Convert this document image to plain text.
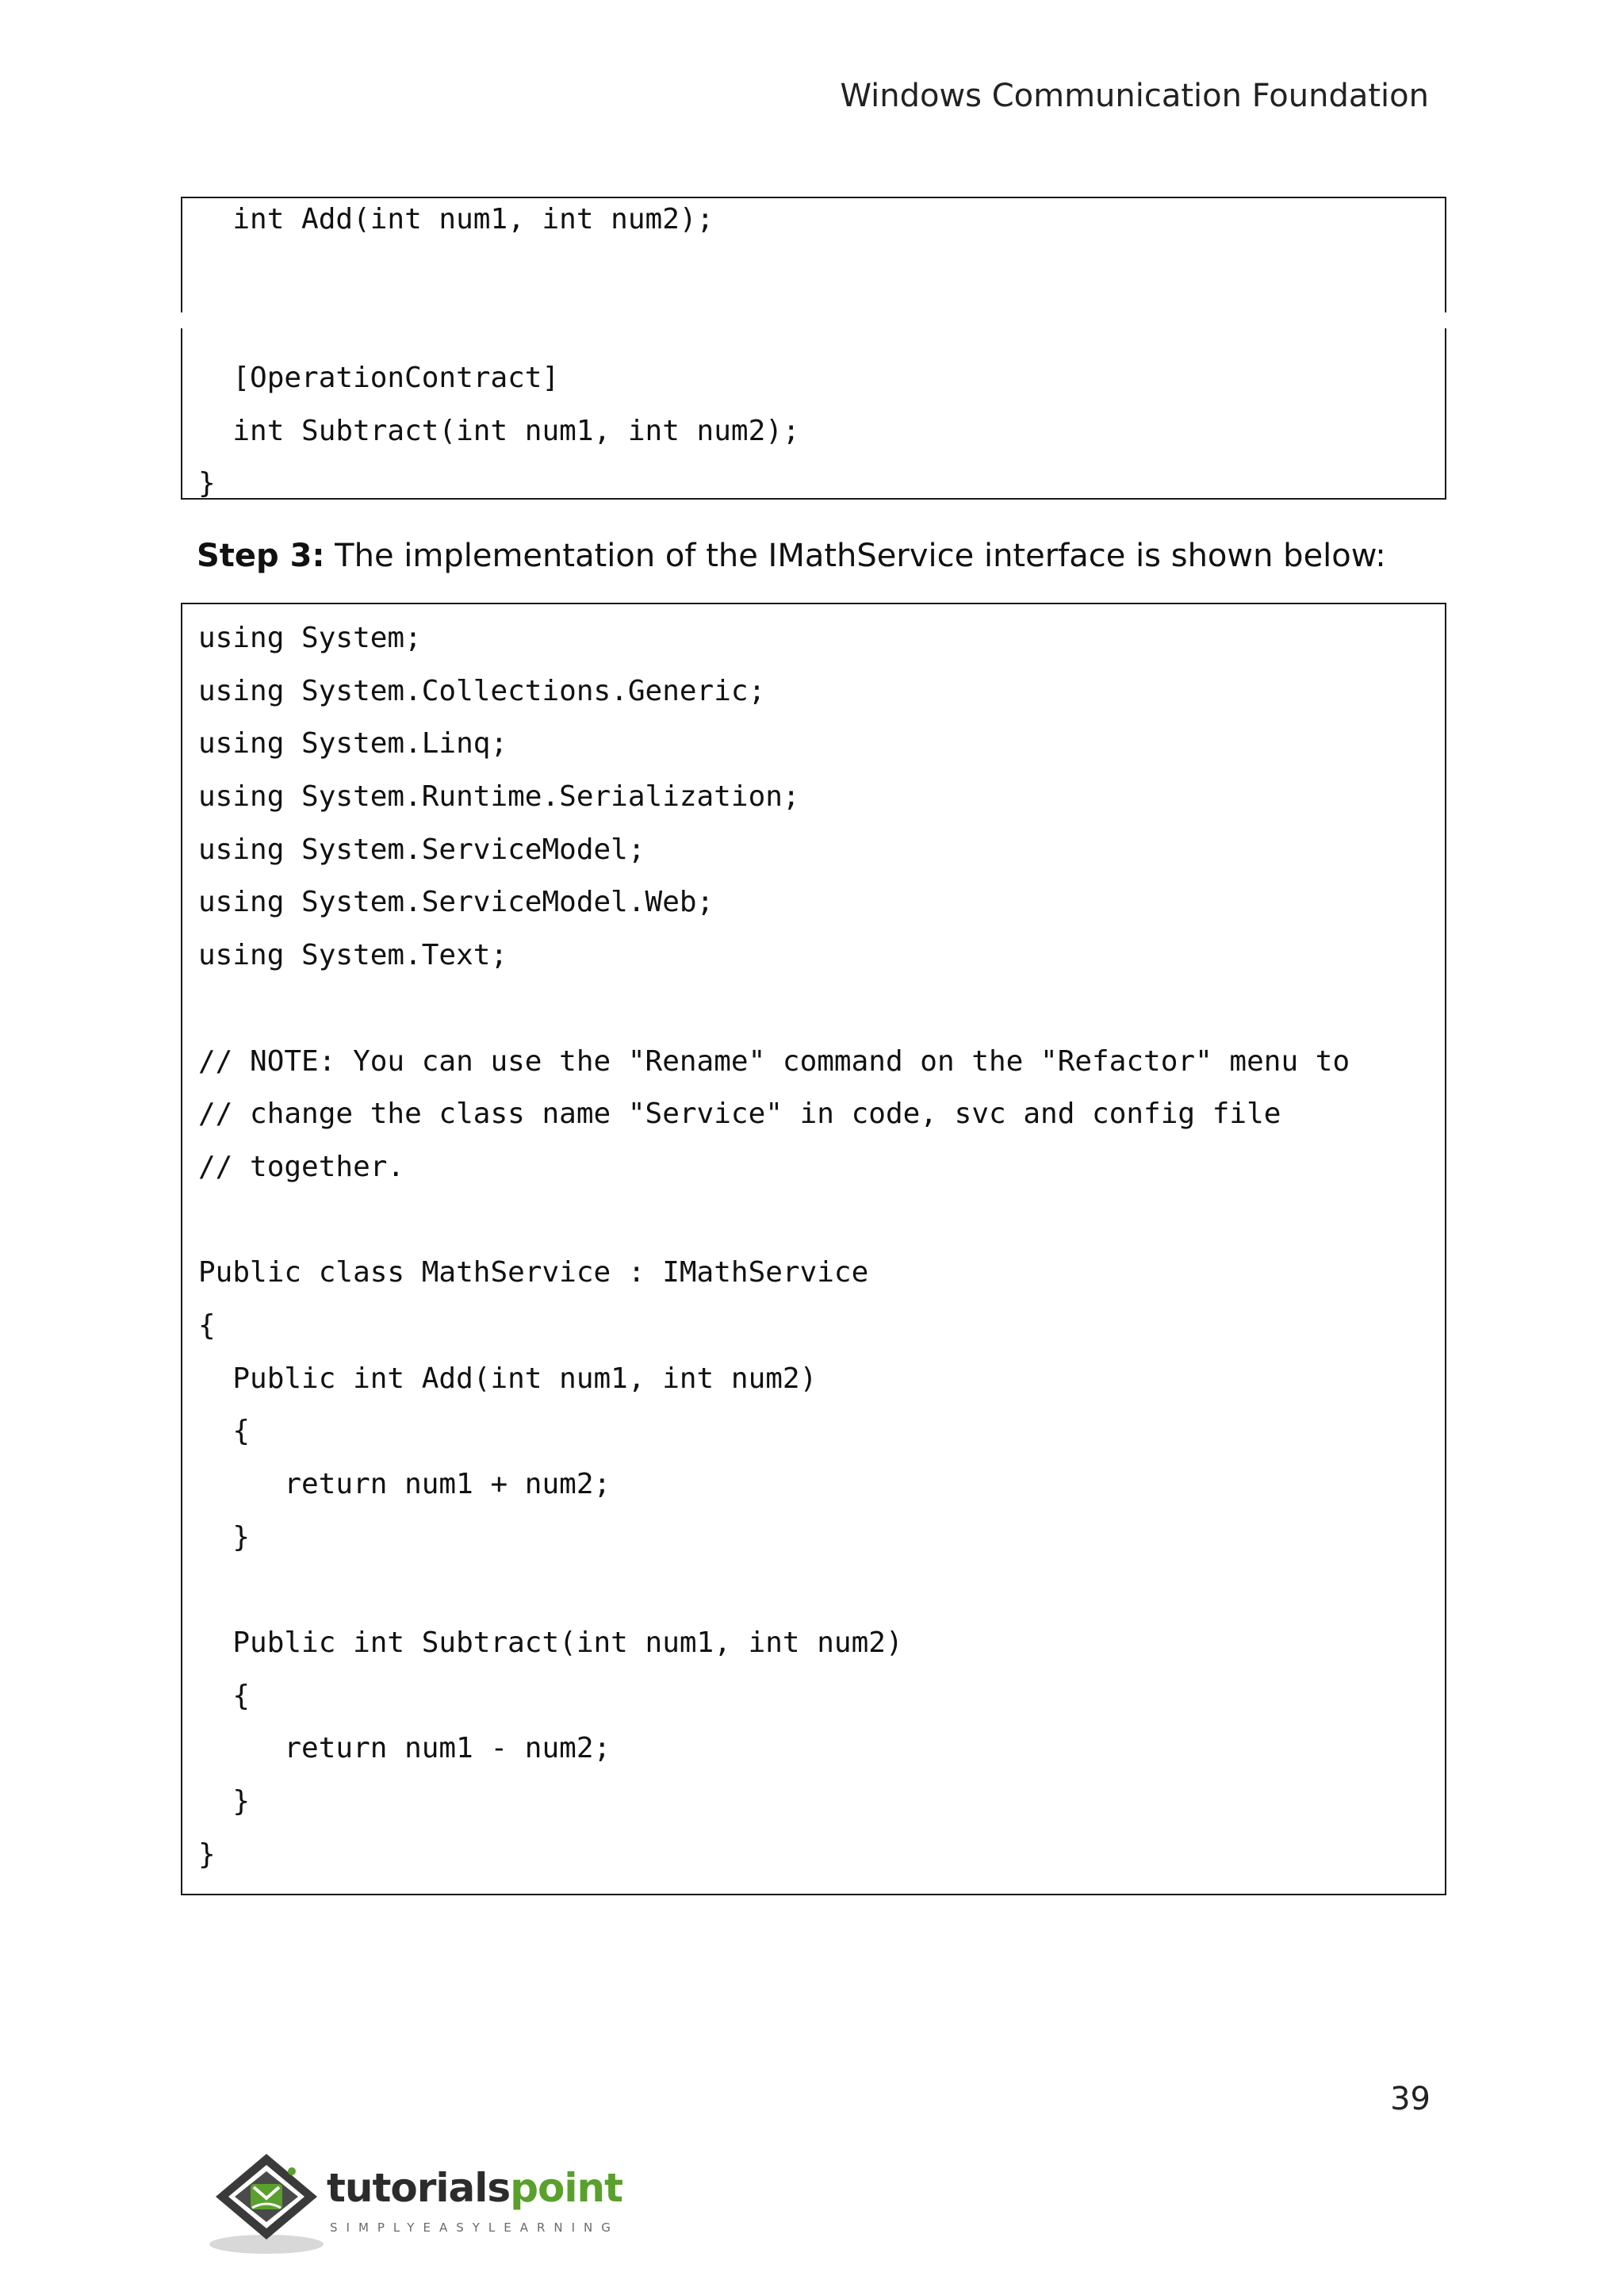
Windows Communication Foundation
int Add(int num1, int num2);
[OperationContract]
int Subtract(int num1, int num2);
}
Step 3: The implementation of the IMathService interface is shown below:
using System;
using System.Collections.Generic;
using System.Linq;
using System.Runtime.Serialization;
using System.ServiceModel;
using System.ServiceModel.Web;
using System.Text;
// NOTE: You can use the "Rename" command on the "Refactor" menu to
// change the class name "Service" in code, svc and config file
// together.
Public class MathService : IMathService
{
Public int Add(int num1, int num2)
{
return num1 + num2;
}
Public int Subtract(int num1, int num2)
{
return num1 - num2;
}
}
39
tutorialspoint
SIMPLYEASYLEARNING
